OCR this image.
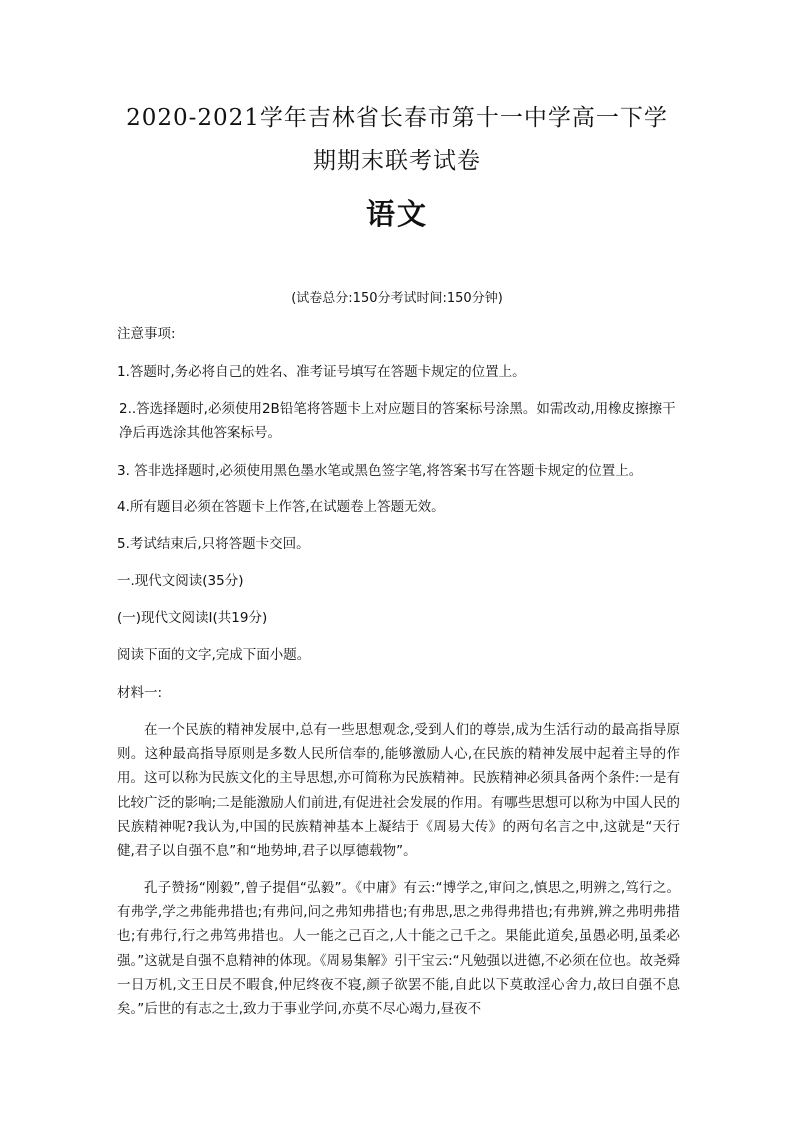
2020-2021学年吉林省长春市第十一中学高一下学
期期末联考试卷
语文
(试卷总分:150分考试时间:150分钟)
注意事项:
1.答题时,务必将自己的姓名、准考证号填写在答题卡规定的位置上。
2..答选择题时,必须使用2B铅笔将答题卡上对应题目的答案标号涂黑。如需改动,用橡皮擦擦干净后再选涂其他答案标号。
3. 答非选择题时,必须使用黑色墨水笔或黑色签字笔,将答案书写在答题卡规定的位置上。
4.所有题目必须在答题卡上作答,在试题卷上答题无效。
5.考试结束后,只将答题卡交回。
一.现代文阅读(35分)
(一)现代文阅读Ⅰ(共19分)
阅读下面的文字,完成下面小题。
材料一:
在一个民族的精神发展中,总有一些思想观念,受到人们的尊崇,成为生活行动的最高指导原则。这种最高指导原则是多数人民所信奉的,能够激励人心,在民族的精神发展中起着主导的作用。这可以称为民族文化的主导思想,亦可简称为民族精神。民族精神必须具备两个条件:一是有比较广泛的影响;二是能激励人们前进,有促进社会发展的作用。有哪些思想可以称为中国人民的民族精神呢?我认为,中国的民族精神基本上凝结于《周易大传》的两句名言之中,这就是“天行健,君子以自强不息”和“地势坤,君子以厚德载物”。
孔子赞扬“刚毅”,曾子提倡“弘毅”。《中庸》有云:“博学之,审问之,慎思之,明辨之,笃行之。有弗学,学之弗能弗措也;有弗问,问之弗知弗措也;有弗思,思之弗得弗措也;有弗辨,辨之弗明弗措也;有弗行,行之弗笃弗措也。人一能之己百之,人十能之己千之。果能此道矣,虽愚必明,虽柔必强。”这就是自强不息精神的体现。《周易集解》引干宝云:“凡勉强以进德,不必须在位也。故尧舜一日万机,文王日昃不暇食,仲尼终夜不寝,颜子欲罢不能,自此以下莫敢淫心舍力,故曰自强不息矣。”后世的有志之士,致力于事业学问,亦莫不尽心竭力,昼夜不
